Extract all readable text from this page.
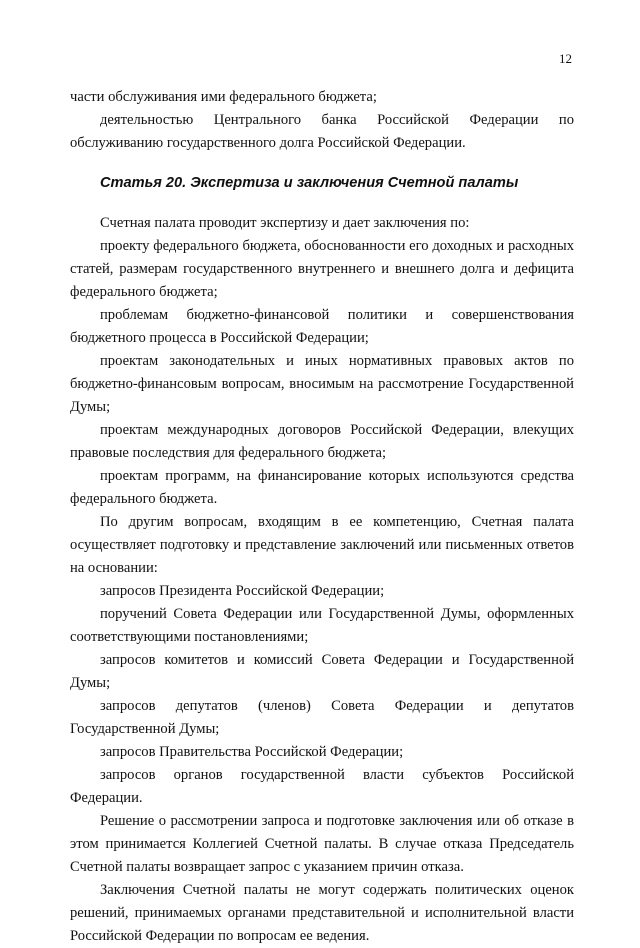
12

части обслуживания ими федерального бюджета;

деятельностью Центрального банка Российской Федерации по обслуживанию государственного долга Российской Федерации.

Статья 20. Экспертиза и заключения Счетной палаты

Счетная палата проводит экспертизу и дает заключения по:

проекту федерального бюджета, обоснованности его доходных и расходных статей, размерам государственного внутреннего и внешнего долга и дефицита федерального бюджета;

проблемам бюджетно-финансовой политики и совершенствования бюджетного процесса в Российской Федерации;

проектам законодательных и иных нормативных правовых актов по бюджетно-финансовым вопросам, вносимым на рассмотрение Государственной Думы;

проектам международных договоров Российской Федерации, влекущих правовые последствия для федерального бюджета;

проектам программ, на финансирование которых используются средства федерального бюджета.

По другим вопросам, входящим в ее компетенцию, Счетная палата осуществляет подготовку и представление заключений или письменных ответов на основании:

запросов Президента Российской Федерации;

поручений Совета Федерации или Государственной Думы, оформленных соответствующими постановлениями;

запросов комитетов и комиссий Совета Федерации и Государственной Думы;

запросов депутатов (членов) Совета Федерации и депутатов Государственной Думы;

запросов Правительства Российской Федерации;

запросов органов государственной власти субъектов Российской Федерации.

Решение о рассмотрении запроса и подготовке заключения или об отказе в этом принимается Коллегией Счетной палаты. В случае отказа Председатель Счетной палаты возвращает запрос с указанием причин отказа.

Заключения Счетной палаты не могут содержать политических оценок решений, принимаемых органами представительной и исполнительной власти Российской Федерации по вопросам ее ведения.
